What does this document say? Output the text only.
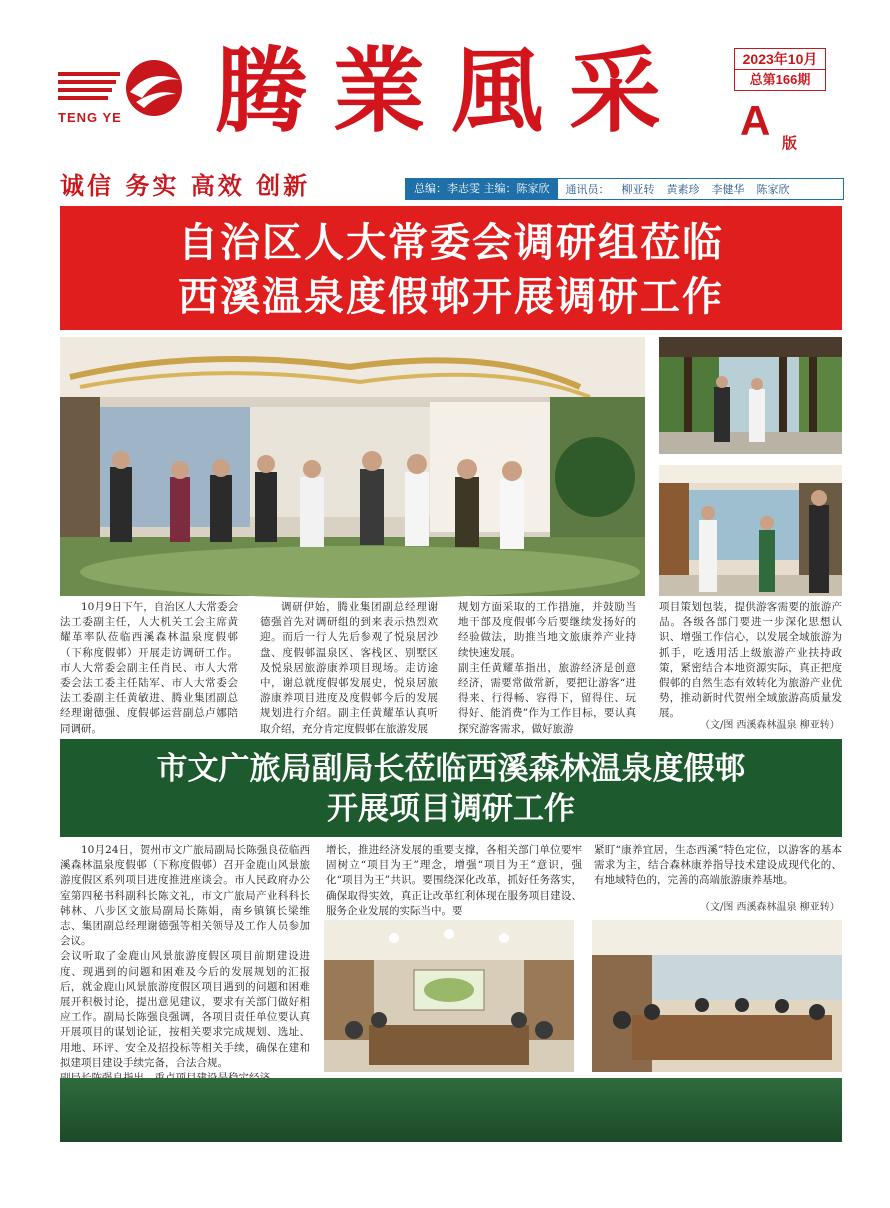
TENG YE 腾業風采	2023年10月
总第166期
A 版
诚信 务实 高效 创新	总编：李志雯 主编：陈家欣	通讯员： 柳亚转 黄素珍 李健华 陈家欣
自治区人大常委会调研组莅临
西溪温泉度假邨开展调研工作
10月9日下午，自治区人大常委会法工委副主任，人大机关工会主席黄耀革率队莅临西溪森林温泉度假邨（下称度假邨）开展走访调研工作。市人大常委会副主任肖民、市人大常委会法工委主任陆军、市人大常委会法工委副主任黄敏进、腾业集团副总经理谢德强、度假邨运营副总卢娜陪同调研。
调研伊始，腾业集团副总经理谢德强首先对调研组的到来表示热烈欢迎。而后一行人先后参观了悦泉居沙盘、度假邨温泉区、客栈区、别墅区及悦泉居旅游康养项目现场。走访途中，谢总就度假邨发展史，悦泉居旅游康养项目进度及度假邨今后的发展规划进行介绍。副主任黄耀革认真听取介绍，充分肯定度假邨在旅游发展
规划方面采取的工作措施，并鼓励当地干部及度假邨今后要继续发扬好的经验做法，助推当地文旅康养产业持续快速发展。
副主任黄耀革指出，旅游经济是创意经济，需要常做常新，要把让游客“进得来、行得畅、容得下，留得住、玩得好、能消费”作为工作目标，要认真探究游客需求，做好旅游
项目策划包装，提供游客需要的旅游产品。各级各部门要进一步深化思想认识、增强工作信心，以发展全域旅游为抓手，吃透用活上级旅游产业扶持政策，紧密结合本地资源实际，真正把度假邨的自然生态有效转化为旅游产业优势，推动新时代贺州全域旅游高质量发展。
（文/图 西溪森林温泉 柳亚转）
市文广旅局副局长莅临西溪森林温泉度假邨
开展项目调研工作
10月24日，贺州市文广旅局副局长陈强良莅临西溪森林温泉度假邨（下称度假邨）召开金鹿山风景旅游度假区系列项目进度推进座谈会。市人民政府办公室第四秘书科副科长陈文礼，市文广旅局产业科科长韩林、八步区文旅局副局长陈娟，南乡镇镇长梁维志、集团副总经理谢德强等相关领导及工作人员参加会议。
会议听取了金鹿山风景旅游度假区项目前期建设进度、现遇到的问题和困难及今后的发展规划的汇报后，就金鹿山风景旅游度假区项目遇到的问题和困难展开积极讨论，提出意见建议，要求有关部门做好相应工作。副局长陈强良强调，各项目责任单位要认真开展项目的谋划论证，按相关要求完成规划、选址、用地、环评、安全及招投标等相关手续，确保在建和拟建项目建设手续完备，合法合规。

增长，推进经济发展的重要支撑，各相关部门单位要牢固树立“项目为王”理念，增强“项目为王”意识，强化“项目为王”共识。要围绕深化改革，抓好任务落实，确保取得实效，真正让改革红利体现在服务项目建设、服务企业发展的实际当中。要
紧盯“康养宜居，生态西溪”特色定位，以游客的基本需求为主，结合森林康养指导技术建设成现代化的、有地域特色的，完善的高端旅游康养基地。
（文/图 西溪森林温泉 柳亚转）
